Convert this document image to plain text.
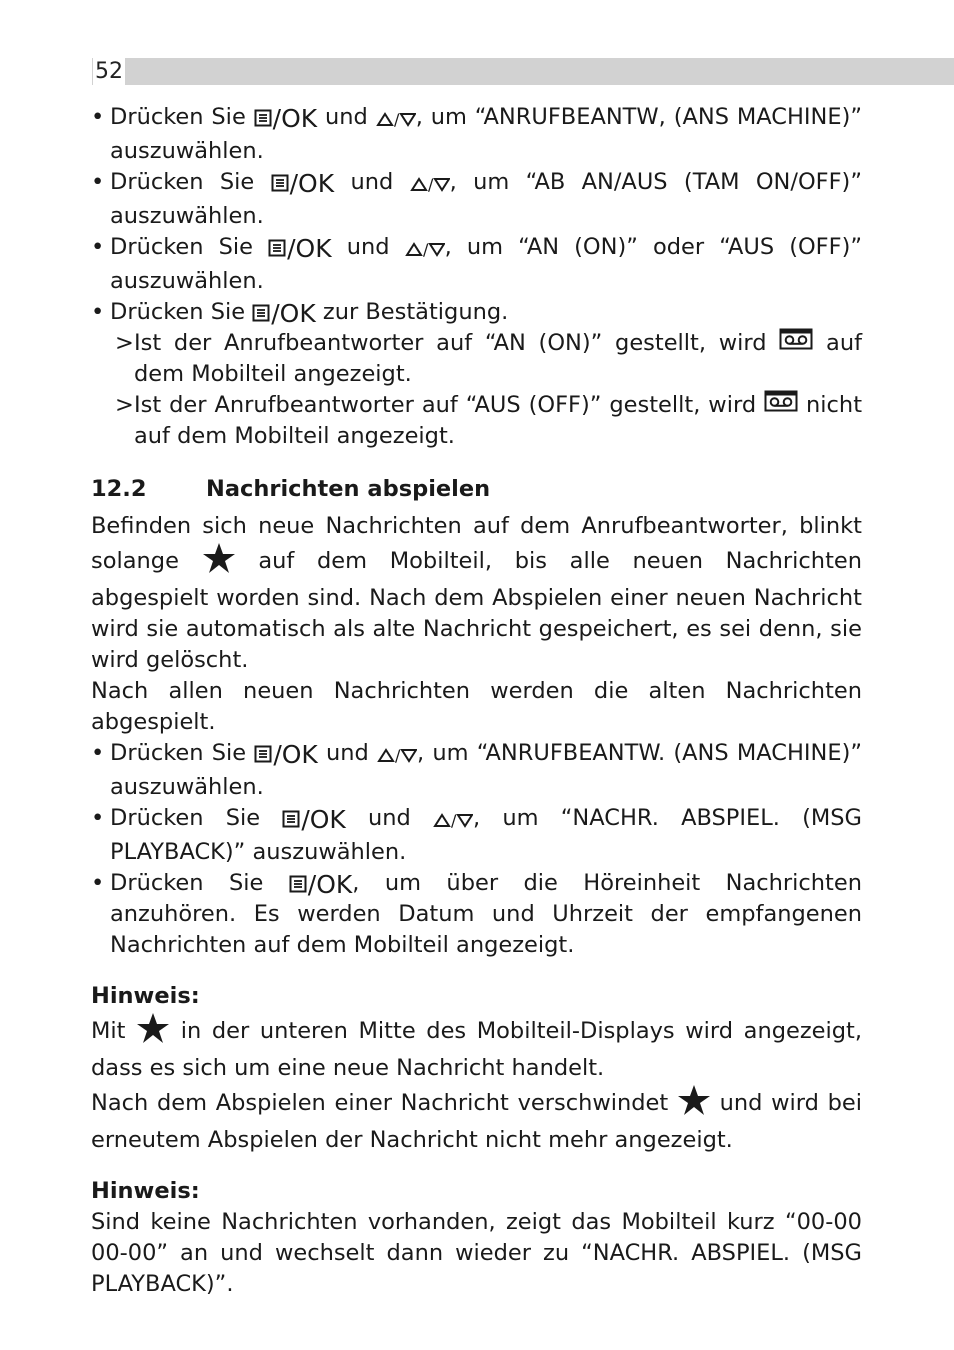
52
• Drücken Sie /OK und / , um “ANRUFBEANTW, (ANS MACHINE)” auszuwählen.
• Drücken Sie /OK und / , um “AB AN/AUS (TAM ON/OFF)” auszuwählen.
• Drücken Sie /OK und / , um “AN (ON)” oder “AUS (OFF)” auszuwählen.
• Drücken Sie /OK zur Bestätigung.
> Ist der Anrufbeantworter auf “AN (ON)” gestellt, wird	auf dem Mobilteil angezeigt.
> Ist der Anrufbeantworter auf “AUS (OFF)” gestellt, wird nicht auf dem Mobilteil angezeigt.
12.2	Nachrichten abspielen
Befinden sich neue Nachrichten auf dem Anrufbeantworter, blinkt solange	auf dem Mobilteil, bis alle neuen Nachrichten abgespielt worden sind. Nach dem Abspielen einer neuen Nachricht wird sie automatisch als alte Nachricht gespeichert, es sei denn, sie wird gelöscht.
Nach allen neuen Nachrichten werden die alten Nachrichten abgespielt.
• Drücken Sie /OK und / , um “ANRUFBEANTW. (ANS MACHINE)” auszuwählen.
• Drücken Sie /OK und	/ , um “NACHR. ABSPIEL. (MSG PLAYBACK)” auszuwählen.
• Drücken Sie /OK , um über die Höreinheit Nachrichten anzuhören. Es werden Datum und Uhrzeit der empfangenen Nachrichten auf dem Mobilteil angezeigt.
Hinweis:
Mit in der unteren Mitte des Mobilteil-Displays wird angezeigt, dass es sich um eine neue Nachricht handelt.
Nach dem Abspielen einer Nachricht verschwindet und wird bei erneutem Abspielen der Nachricht nicht mehr angezeigt.
Hinweis:
Sind keine Nachrichten vorhanden, zeigt das Mobilteil kurz “00-00 00-00” an und wechselt dann wieder zu “NACHR. ABSPIEL. (MSG PLAYBACK)”.
